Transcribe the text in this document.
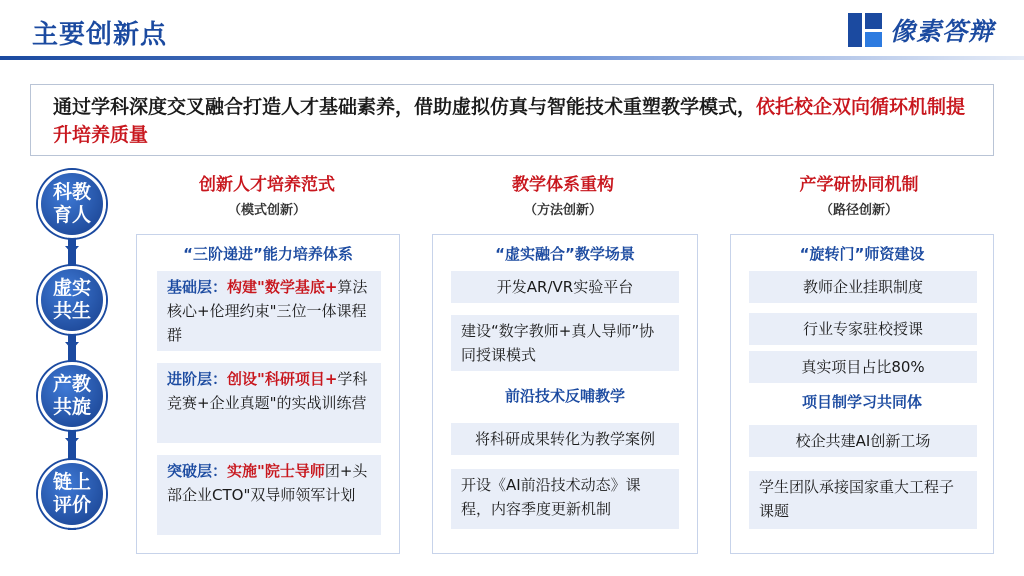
主要创新点	像素答辩
通过学科深度交叉融合打造人才基础素养，借助虚拟仿真与智能技术重塑教学模式，依托校企双向循环机制提升培养质量
科教育人
虚实共生
产教共旋
链上评价
创新人才培养范式
（模式创新）
教学体系重构
（方法创新）
产学研协同机制
（路径创新）
“三阶递进”能力培养体系
基础层：构建"数学基底+算法核心+伦理约束"三位一体课程群
进阶层：创设"科研项目+学科竞赛+企业真题"的实战训练营
突破层：实施"院士导师团+头部企业CTO"双导师领军计划
“虚实融合”教学场景
开发AR/VR实验平台
建设“数字教师+真人导师”协同授课模式
前沿技术反哺教学
将科研成果转化为教学案例
开设《AI前沿技术动态》课程，内容季度更新机制
“旋转门”师资建设
教师企业挂职制度
行业专家驻校授课
真实项目占比80%
项目制学习共同体
校企共建AI创新工场
学生团队承接国家重大工程子课题
